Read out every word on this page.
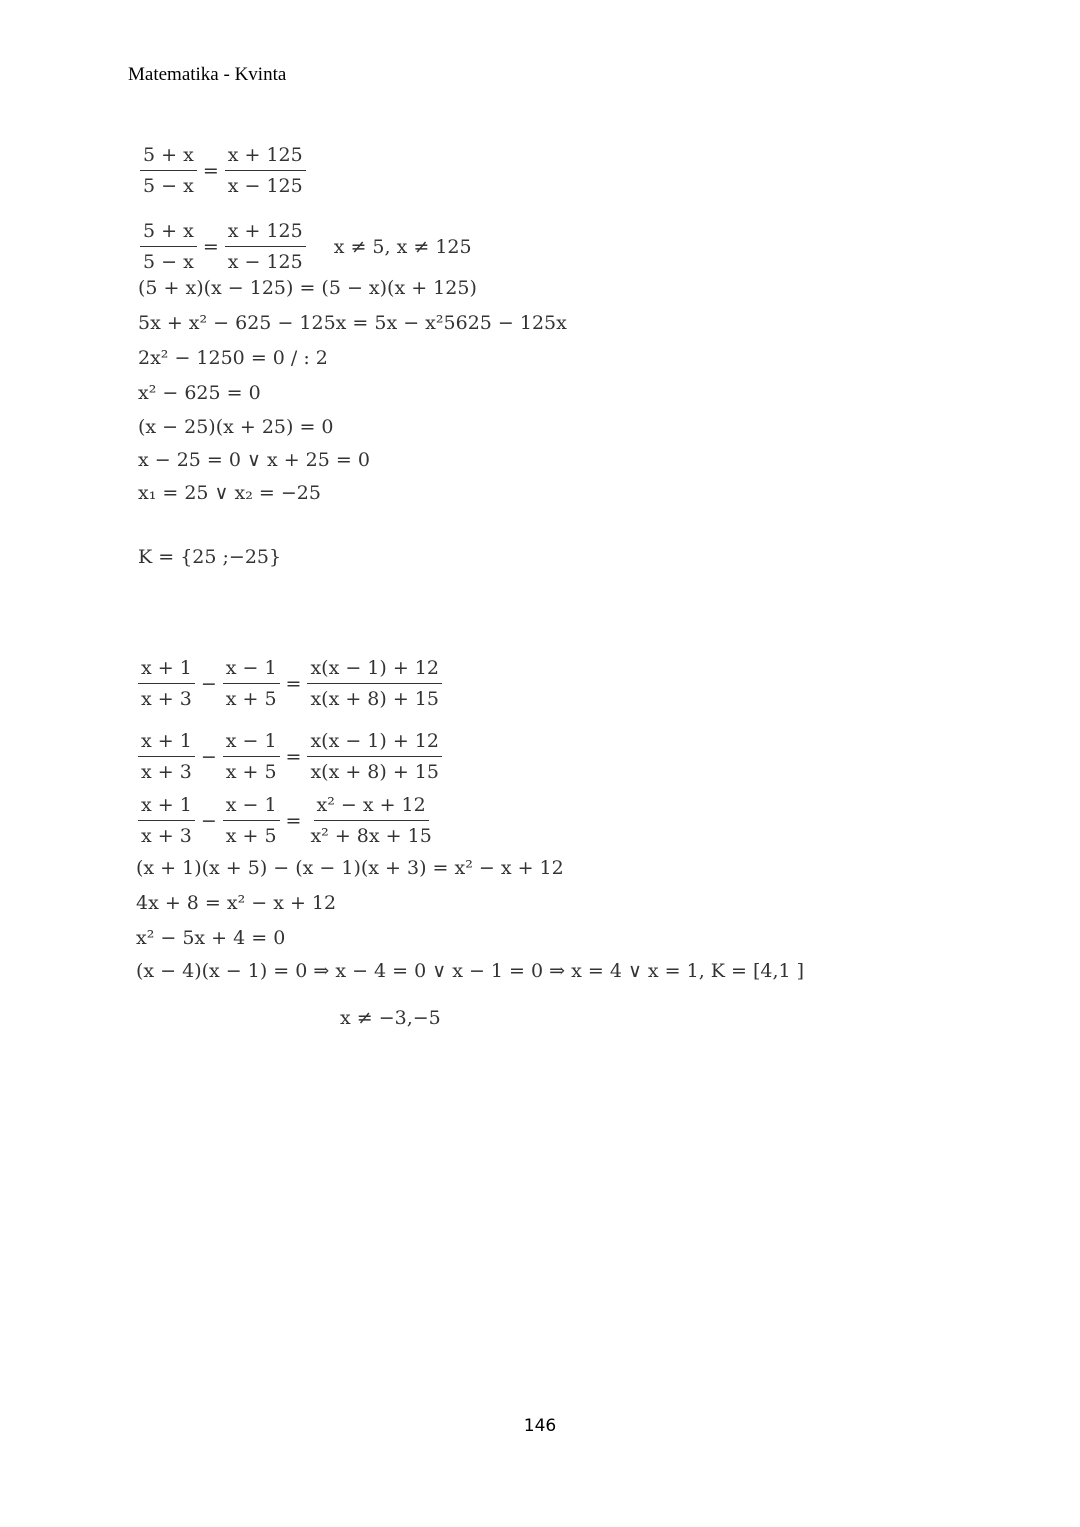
Matematika - Kvinta
$\frac{5 + x}{5 - x} = \frac{x + 125}{x - 125}$
$\frac{5 + x}{5 - x} = \frac{x + 125}{x - 125}$ x ≠ 5, x ≠ 125
(5 + x)(x − 125) = (5 − x)(x + 125)
5x + x² − 625 − 125x = 5x − x²5625 − 125x
2x² − 1250 = 0 / : 2
x² − 625 = 0
(x − 25)(x + 25) = 0
x − 25 = 0 ∨ x + 25 = 0
x₁ = 25 ∨ x₂ = −25
K = {25 ;−25}
$\frac{x + 1}{x + 3} - \frac{x - 1}{x + 5} = \frac{x(x - 1) + 12}{x(x + 8) + 15}$
$\frac{x + 1}{x + 3} - \frac{x - 1}{x + 5} = \frac{x(x - 1) + 12}{x(x + 8) + 15}$
$\frac{x + 1}{x + 3} - \frac{x - 1}{x + 5} = \frac{\text{x² − x + 12}}{\text{x² + 8x + 15}}$
(x + 1)(x + 5) − (x − 1)(x + 3) = x² − x + 12
4x + 8 = x² − x + 12
x² − 5x + 4 = 0
(x − 4)(x − 1) = 0 ⇒ x − 4 = 0 ∨ x − 1 = 0 ⇒ x = 4 ∨ x = 1, K = [4,1 ]
x ≠ −3,−5
146
